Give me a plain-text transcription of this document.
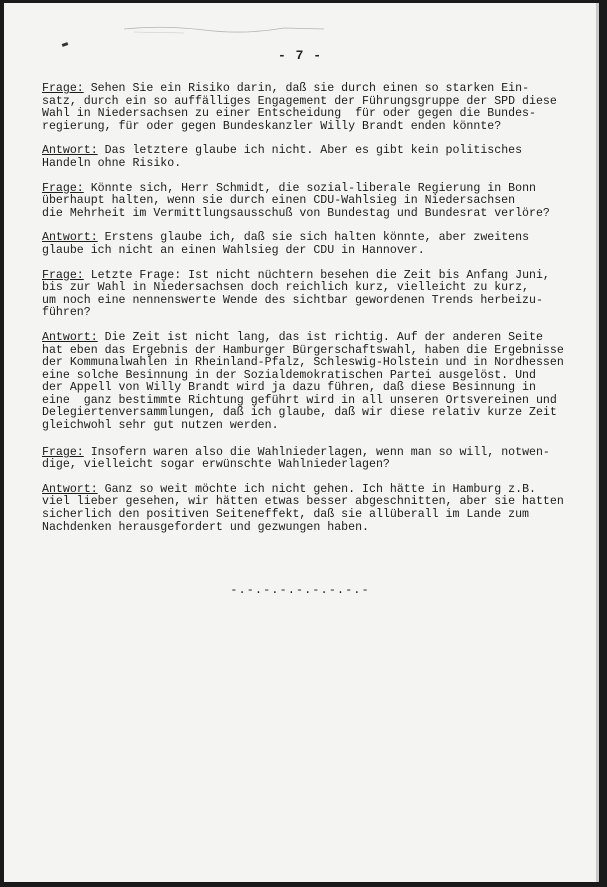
- 7 -
Frage: Sehen Sie ein Risiko darin, daß sie durch einen so starken Ein-
satz, durch ein so auffälliges Engagement der Führungsgruppe der SPD diese
Wahl in Niedersachsen zu einer Entscheidung  für oder gegen die Bundes-
regierung, für oder gegen Bundeskanzler Willy Brandt enden könnte?
Antwort: Das letztere glaube ich nicht. Aber es gibt kein politisches
Handeln ohne Risiko.
Frage: Könnte sich, Herr Schmidt, die sozial-liberale Regierung in Bonn
überhaupt halten, wenn sie durch einen CDU-Wahlsieg in Niedersachsen
die Mehrheit im Vermittlungsausschuß von Bundestag und Bundesrat verlöre?
Antwort: Erstens glaube ich, daß sie sich halten könnte, aber zweitens
glaube ich nicht an einen Wahlsieg der CDU in Hannover.
Frage: Letzte Frage: Ist nicht nüchtern besehen die Zeit bis Anfang Juni,
bis zur Wahl in Niedersachsen doch reichlich kurz, vielleicht zu kurz,
um noch eine nennenswerte Wende des sichtbar gewordenen Trends herbeizu-
führen?
Antwort: Die Zeit ist nicht lang, das ist richtig. Auf der anderen Seite
hat eben das Ergebnis der Hamburger Bürgerschaftswahl, haben die Ergebnisse
der Kommunalwahlen in Rheinland-Pfalz, Schleswig-Holstein und in Nordhessen
eine solche Besinnung in der Sozialdemokratischen Partei ausgelöst. Und
der Appell von Willy Brandt wird ja dazu führen, daß diese Besinnung in
eine  ganz bestimmte Richtung geführt wird in all unseren Ortsvereinen und
Delegiertenversammlungen, daß ich glaube, daß wir diese relativ kurze Zeit
gleichwohl sehr gut nutzen werden.
Frage: Insofern waren also die Wahlniederlagen, wenn man so will, notwen-
dige, vielleicht sogar erwünschte Wahlniederlagen?
Antwort: Ganz so weit möchte ich nicht gehen. Ich hätte in Hamburg z.B.
viel lieber gesehen, wir hätten etwas besser abgeschnitten, aber sie hatten
sicherlich den positiven Seiteneffekt, daß sie allüberall im Lande zum
Nachdenken herausgefordert und gezwungen haben.
-.-.-.-.-.-.-.-.-
